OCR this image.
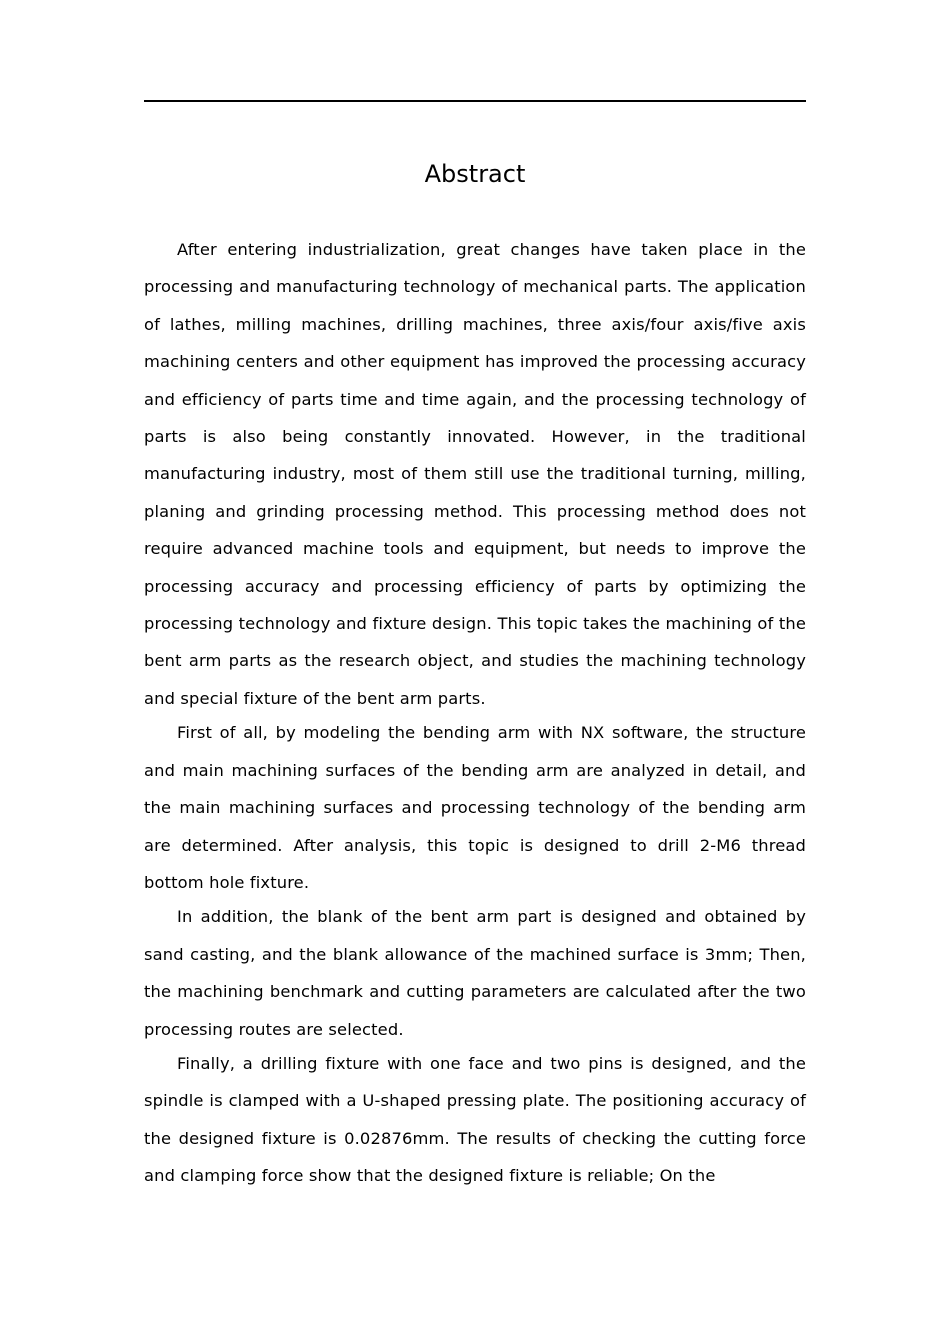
Abstract

After entering industrialization, great changes have taken place in the processing and manufacturing technology of mechanical parts. The application of lathes, milling machines, drilling machines, three axis/four axis/five axis machining centers and other equipment has improved the processing accuracy and efficiency of parts time and time again, and the processing technology of parts is also being constantly innovated. However, in the traditional manufacturing industry, most of them still use the traditional turning, milling, planing and grinding processing method. This processing method does not require advanced machine tools and equipment, but needs to improve the processing accuracy and processing efficiency of parts by optimizing the processing technology and fixture design. This topic takes the machining of the bent arm parts as the research object, and studies the machining technology and special fixture of the bent arm parts.

First of all, by modeling the bending arm with NX software, the structure and main machining surfaces of the bending arm are analyzed in detail, and the main machining surfaces and processing technology of the bending arm are determined. After analysis, this topic is designed to drill 2-M6 thread bottom hole fixture.

In addition, the blank of the bent arm part is designed and obtained by sand casting, and the blank allowance of the machined surface is 3mm; Then, the machining benchmark and cutting parameters are calculated after the two processing routes are selected.

Finally, a drilling fixture with one face and two pins is designed, and the spindle is clamped with a U-shaped pressing plate. The positioning accuracy of the designed fixture is 0.02876mm. The results of checking the cutting force and clamping force show that the designed fixture is reliable; On the
